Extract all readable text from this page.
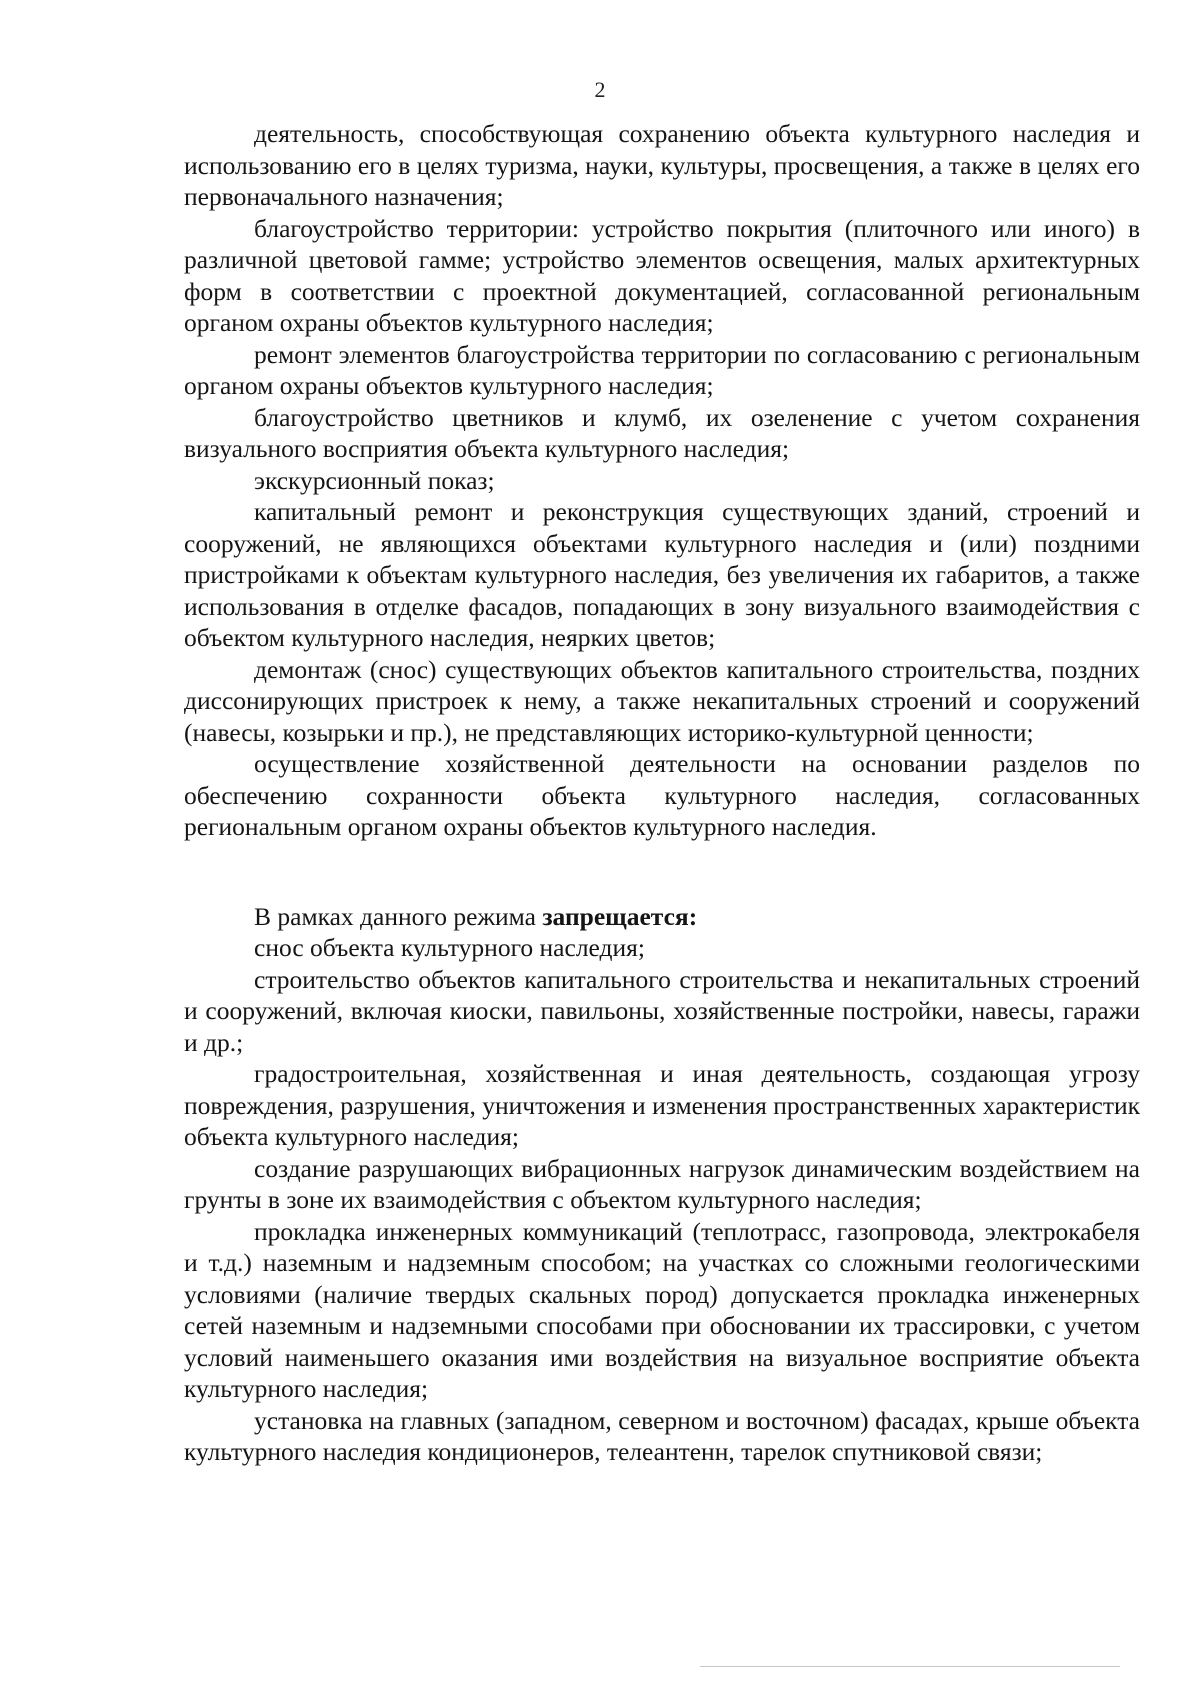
2

деятельность, способствующая сохранению объекта культурного наследия и использованию его в целях туризма, науки, культуры, просвещения, а также в целях его первоначального назначения;

благоустройство территории: устройство покрытия (плиточного или иного) в различной цветовой гамме; устройство элементов освещения, малых архитектурных форм в соответствии с проектной документацией, согласованной региональным органом охраны объектов культурного наследия;

ремонт элементов благоустройства территории по согласованию с региональным органом охраны объектов культурного наследия;

благоустройство цветников и клумб, их озеленение с учетом сохранения визуального восприятия объекта культурного наследия;

экскурсионный показ;

капитальный ремонт и реконструкция существующих зданий, строений и сооружений, не являющихся объектами культурного наследия и (или) поздними пристройками к объектам культурного наследия, без увеличения их габаритов, а также использования в отделке фасадов, попадающих в зону визуального взаимодействия с объектом культурного наследия, неярких цветов;

демонтаж (снос) существующих объектов капитального строительства, поздних диссонирующих пристроек к нему, а также некапитальных строений и сооружений (навесы, козырьки и пр.), не представляющих историко-культурной ценности;

осуществление хозяйственной деятельности на основании разделов по обеспечению сохранности объекта культурного наследия, согласованных региональным органом охраны объектов культурного наследия.

В рамках данного режима запрещается:

снос объекта культурного наследия;

строительство объектов капитального строительства и некапитальных строений и сооружений, включая киоски, павильоны, хозяйственные постройки, навесы, гаражи и др.;

градостроительная, хозяйственная и иная деятельность, создающая угрозу повреждения, разрушения, уничтожения и изменения пространственных характеристик объекта культурного наследия;

создание разрушающих вибрационных нагрузок динамическим воздействием на грунты в зоне их взаимодействия с объектом культурного наследия;

прокладка инженерных коммуникаций (теплотрасс, газопровода, электрокабеля и т.д.) наземным и надземным способом; на участках со сложными геологическими условиями (наличие твердых скальных пород) допускается прокладка инженерных сетей наземным и надземными способами при обосновании их трассировки, с учетом условий наименьшего оказания ими воздействия на визуальное восприятие объекта культурного наследия;

установка на главных (западном, северном и восточном) фасадах, крыше объекта культурного наследия кондиционеров, телеантенн, тарелок спутниковой связи;
